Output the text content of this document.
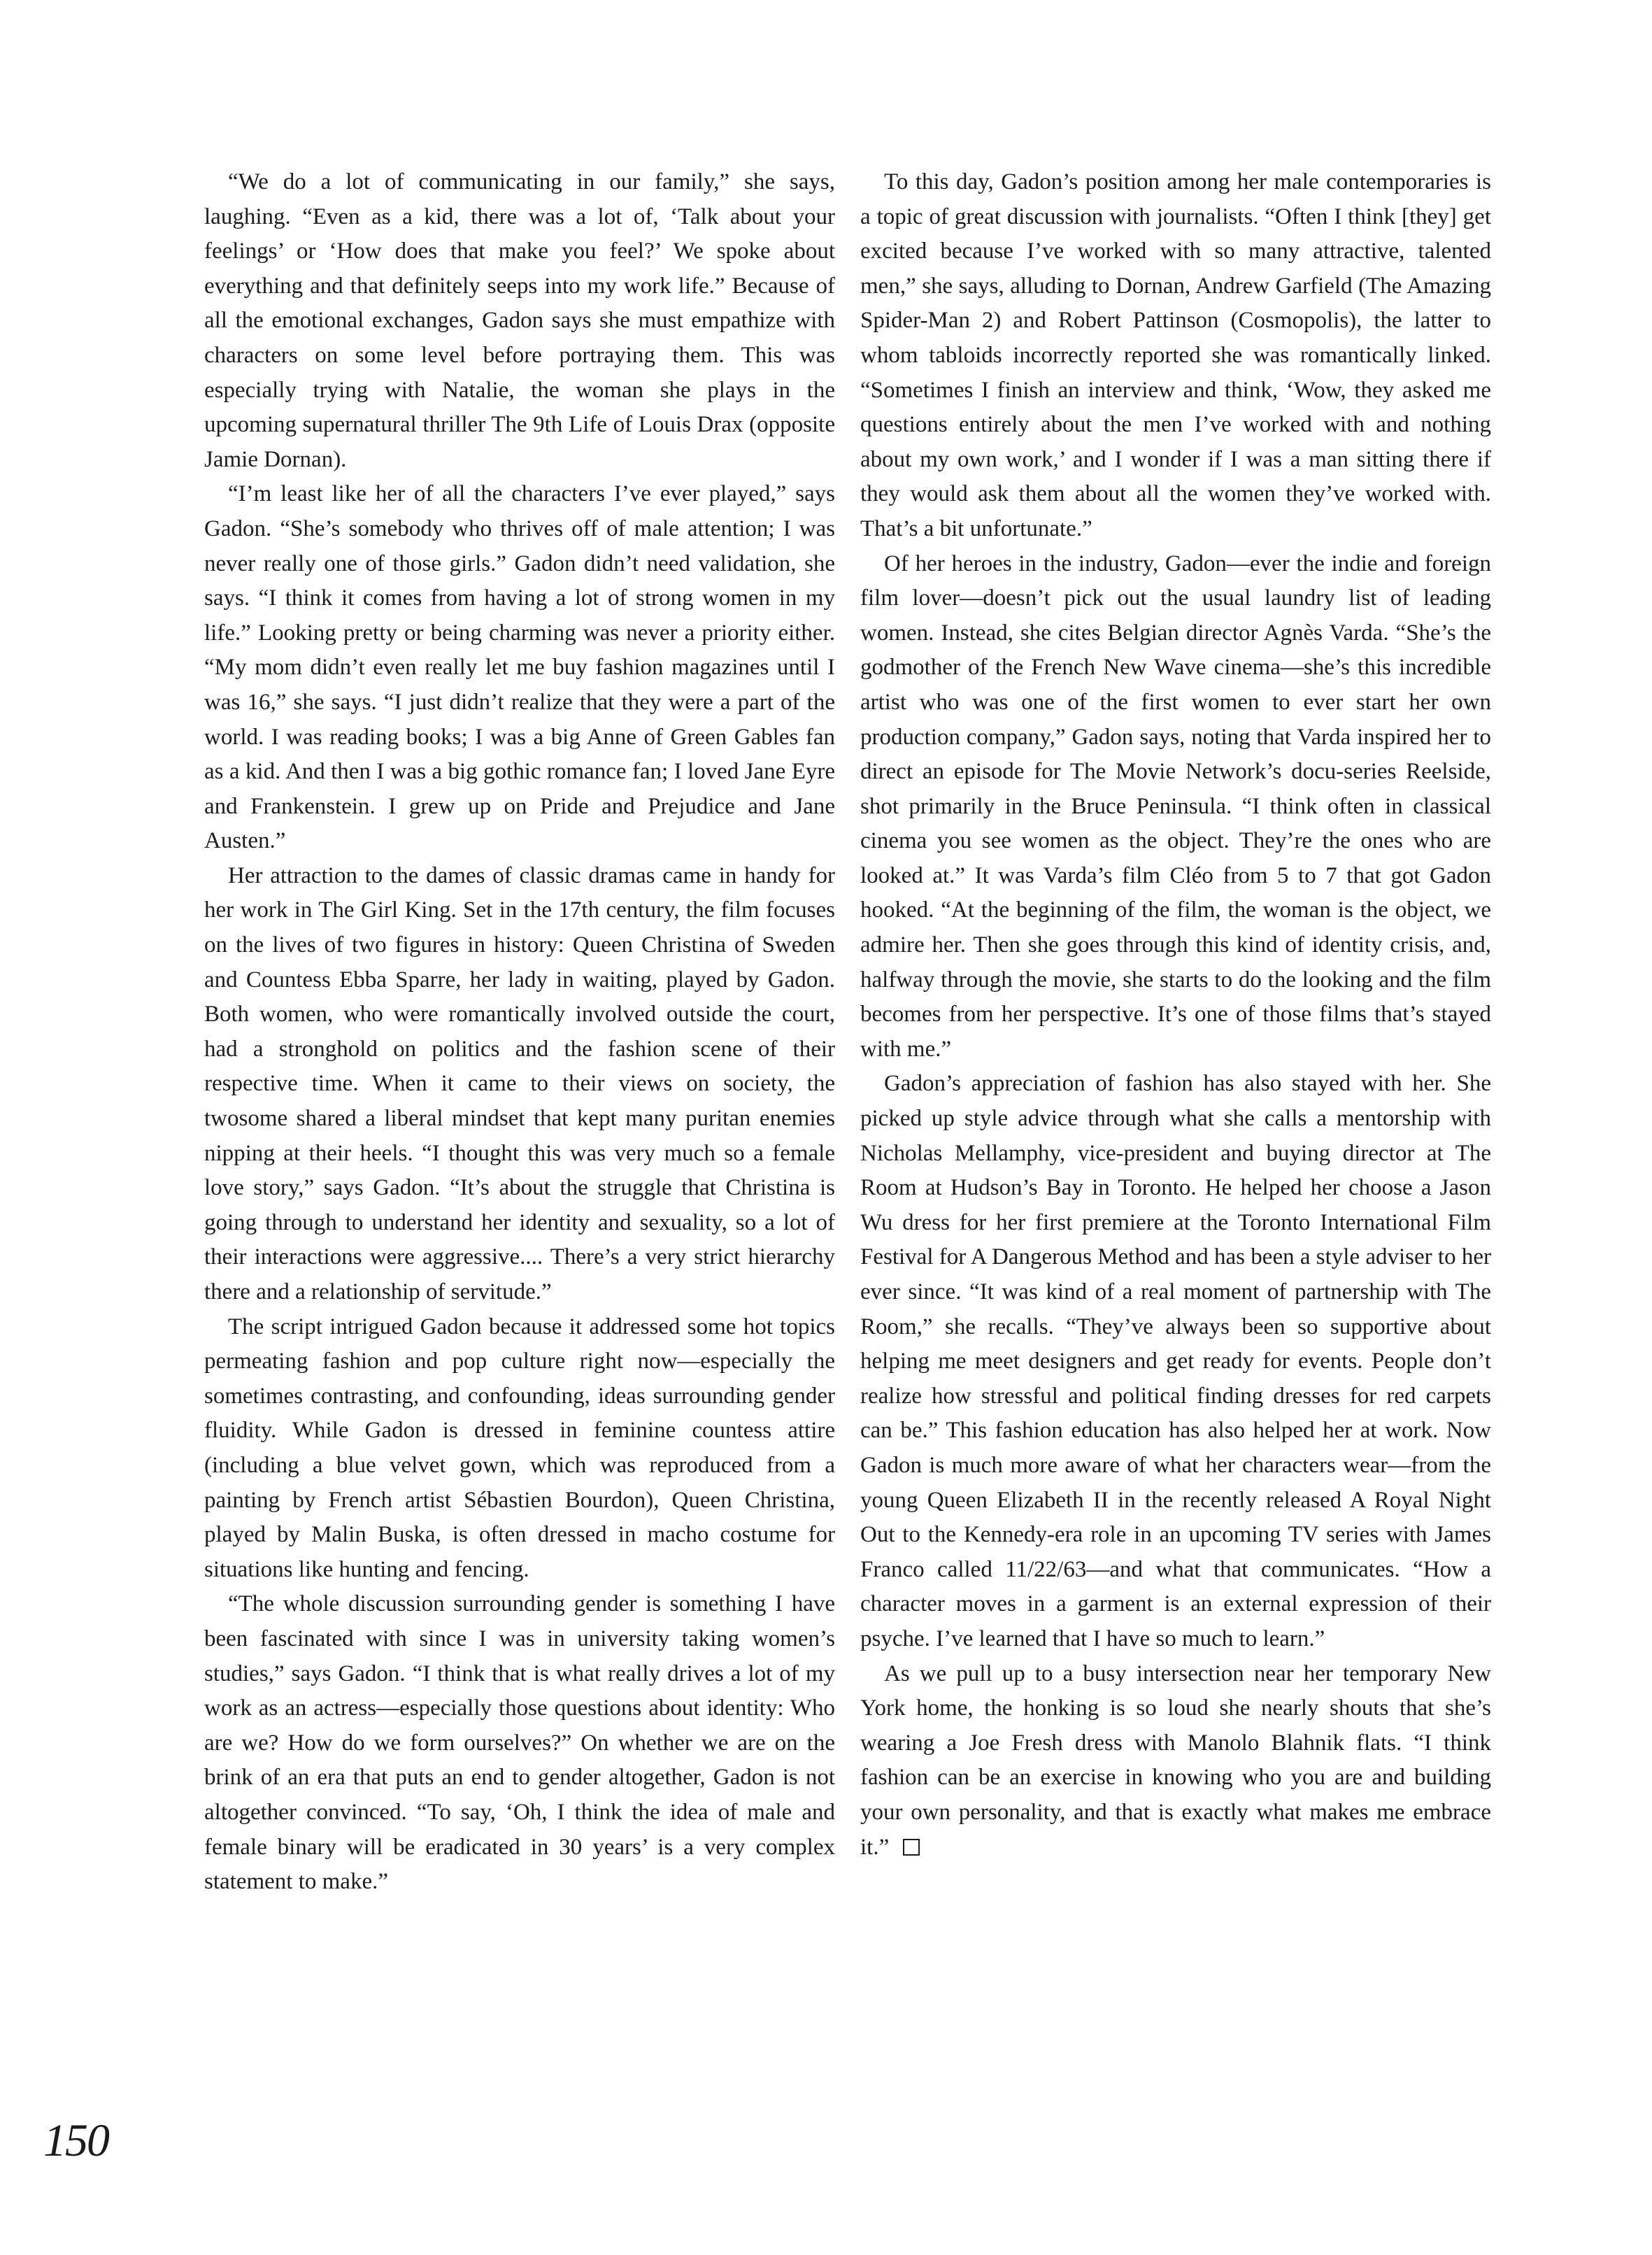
“We do a lot of communicating in our family,” she says, laughing. “Even as a kid, there was a lot of, ‘Talk about your feelings’ or ‘How does that make you feel?’ We spoke about everything and that definitely seeps into my work life.” Because of all the emotional exchanges, Gadon says she must empathize with characters on some level before portraying them. This was especially trying with Natalie, the woman she plays in the upcoming supernatural thriller The 9th Life of Louis Drax (opposite Jamie Dornan).

“I’m least like her of all the characters I’ve ever played,” says Gadon. “She’s somebody who thrives off of male attention; I was never really one of those girls.” Gadon didn’t need validation, she says. “I think it comes from having a lot of strong women in my life.” Looking pretty or being charming was never a priority either. “My mom didn’t even really let me buy fashion magazines until I was 16,” she says. “I just didn’t realize that they were a part of the world. I was reading books; I was a big Anne of Green Gables fan as a kid. And then I was a big gothic romance fan; I loved Jane Eyre and Frankenstein. I grew up on Pride and Prejudice and Jane Austen.”

Her attraction to the dames of classic dramas came in handy for her work in The Girl King. Set in the 17th century, the film focuses on the lives of two figures in history: Queen Christina of Sweden and Countess Ebba Sparre, her lady in waiting, played by Gadon. Both women, who were romantically involved outside the court, had a stronghold on politics and the fashion scene of their respective time. When it came to their views on society, the twosome shared a liberal mindset that kept many puritan enemies nipping at their heels. “I thought this was very much so a female love story,” says Gadon. “It’s about the struggle that Christina is going through to understand her identity and sexuality, so a lot of their interactions were aggressive.... There’s a very strict hierarchy there and a relationship of servitude.”

The script intrigued Gadon because it addressed some hot topics permeating fashion and pop culture right now—especially the sometimes contrasting, and confounding, ideas surrounding gender fluidity. While Gadon is dressed in feminine countess attire (including a blue velvet gown, which was reproduced from a painting by French artist Sébastien Bourdon), Queen Christina, played by Malin Buska, is often dressed in macho costume for situations like hunting and fencing.

“The whole discussion surrounding gender is something I have been fascinated with since I was in university taking women’s studies,” says Gadon. “I think that is what really drives a lot of my work as an actress—especially those questions about identity: Who are we? How do we form ourselves?” On whether we are on the brink of an era that puts an end to gender altogether, Gadon is not altogether convinced. “To say, ‘Oh, I think the idea of male and female binary will be eradicated in 30 years’ is a very complex statement to make.”

To this day, Gadon’s position among her male contemporaries is a topic of great discussion with journalists. “Often I think [they] get excited because I’ve worked with so many attractive, talented men,” she says, alluding to Dornan, Andrew Garfield (The Amazing Spider-Man 2) and Robert Pattinson (Cosmopolis), the latter to whom tabloids incorrectly reported she was romantically linked. “Sometimes I finish an interview and think, ‘Wow, they asked me questions entirely about the men I’ve worked with and nothing about my own work,’ and I wonder if I was a man sitting there if they would ask them about all the women they’ve worked with. That’s a bit unfortunate.”

Of her heroes in the industry, Gadon—ever the indie and foreign film lover—doesn’t pick out the usual laundry list of leading women. Instead, she cites Belgian director Agnès Varda. “She’s the godmother of the French New Wave cinema—she’s this incredible artist who was one of the first women to ever start her own production company,” Gadon says, noting that Varda inspired her to direct an episode for The Movie Network’s docu-series Reelside, shot primarily in the Bruce Peninsula. “I think often in classical cinema you see women as the object. They’re the ones who are looked at.” It was Varda’s film Cléo from 5 to 7 that got Gadon hooked. “At the beginning of the film, the woman is the object, we admire her. Then she goes through this kind of identity crisis, and, halfway through the movie, she starts to do the looking and the film becomes from her perspective. It’s one of those films that’s stayed with me.”

Gadon’s appreciation of fashion has also stayed with her. She picked up style advice through what she calls a mentorship with Nicholas Mellamphy, vice-president and buying director at The Room at Hudson’s Bay in Toronto. He helped her choose a Jason Wu dress for her first premiere at the Toronto International Film Festival for A Dangerous Method and has been a style adviser to her ever since. “It was kind of a real moment of partnership with The Room,” she recalls. “They’ve always been so supportive about helping me meet designers and get ready for events. People don’t realize how stressful and political finding dresses for red carpets can be.” This fashion education has also helped her at work. Now Gadon is much more aware of what her characters wear—from the young Queen Elizabeth II in the recently released A Royal Night Out to the Kennedy-era role in an upcoming TV series with James Franco called 11/22/63—and what that communicates. “How a character moves in a garment is an external expression of their psyche. I’ve learned that I have so much to learn.”

As we pull up to a busy intersection near her temporary New York home, the honking is so loud she nearly shouts that she’s wearing a Joe Fresh dress with Manolo Blahnik flats. “I think fashion can be an exercise in knowing who you are and building your own personality, and that is exactly what makes me embrace it.”

150
